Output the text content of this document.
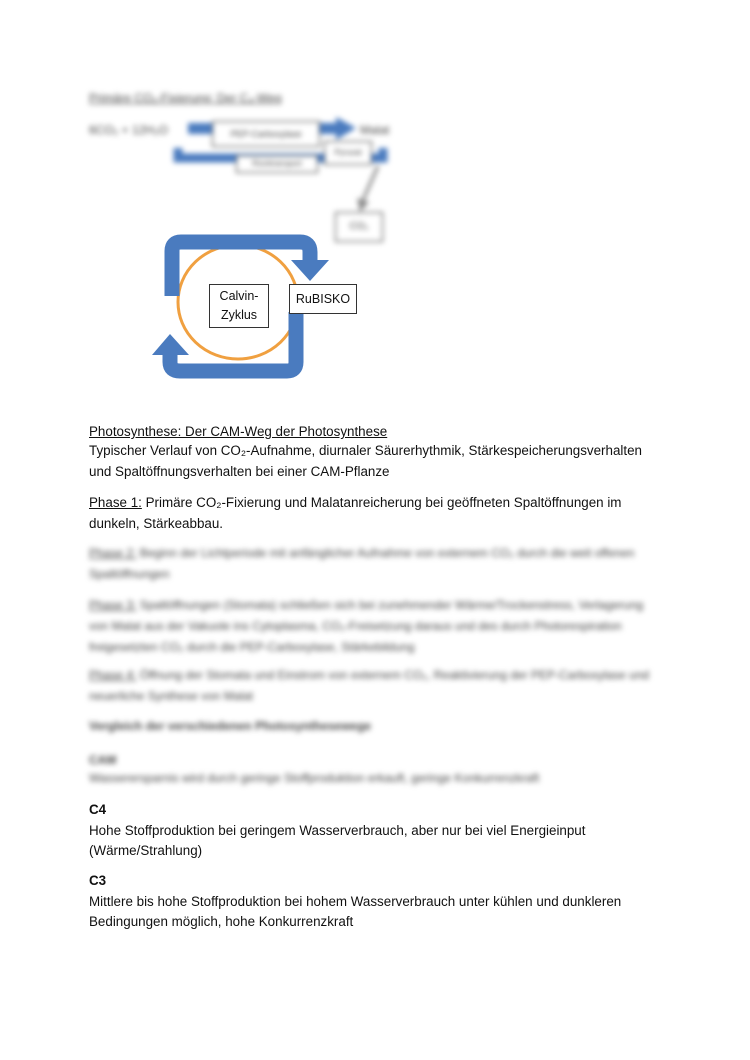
Primäre CO₂-Fixierung: Der C₄-Weg
6CO₂ + 12H₂O	Malat
PEP-Carboxylase
Rücktransport
Pyruvat
CO₂
Calvin-
Zyklus
RuBISKO
Photosynthese: Der CAM-Weg der Photosynthese
Typischer Verlauf von CO₂-Aufnahme, diurnaler Säurerhythmik, Stärkespeicherungsverhalten und Spaltöffnungsverhalten bei einer CAM-Pflanze
Phase 1: Primäre CO₂-Fixierung und Malatanreicherung bei geöffneten Spaltöffnungen im dunkeln, Stärkeabbau.
Phase 2: Beginn der Lichtperiode mit anfänglicher Aufnahme von externem CO₂ durch die weit offenen Spaltöffnungen
Phase 3: Spaltöffnungen (Stomata) schließen sich bei zunehmender Wärme/Trockenstress, Verlagerung von Malat aus der Vakuole ins Cytoplasma, CO₂-Freisetzung daraus und des durch Photorespiration freigesetzten CO₂ durch die PEP-Carboxylase, Stärkebildung
Phase 4: Öffnung der Stomata und Einstrom von externem CO₂, Reaktivierung der PEP-Carboxylase und neuerliche Synthese von Malat
Vergleich der verschiedenen Photosynthesewege
CAM
Wasserersparnis wird durch geringe Stoffproduktion erkauft, geringe Konkurrenzkraft
C4
Hohe Stoffproduktion bei geringem Wasserverbrauch, aber nur bei viel Energieinput
(Wärme/Strahlung)
C3
Mittlere bis hohe Stoffproduktion bei hohem Wasserverbrauch unter kühlen und dunkleren
Bedingungen möglich, hohe Konkurrenzkraft
